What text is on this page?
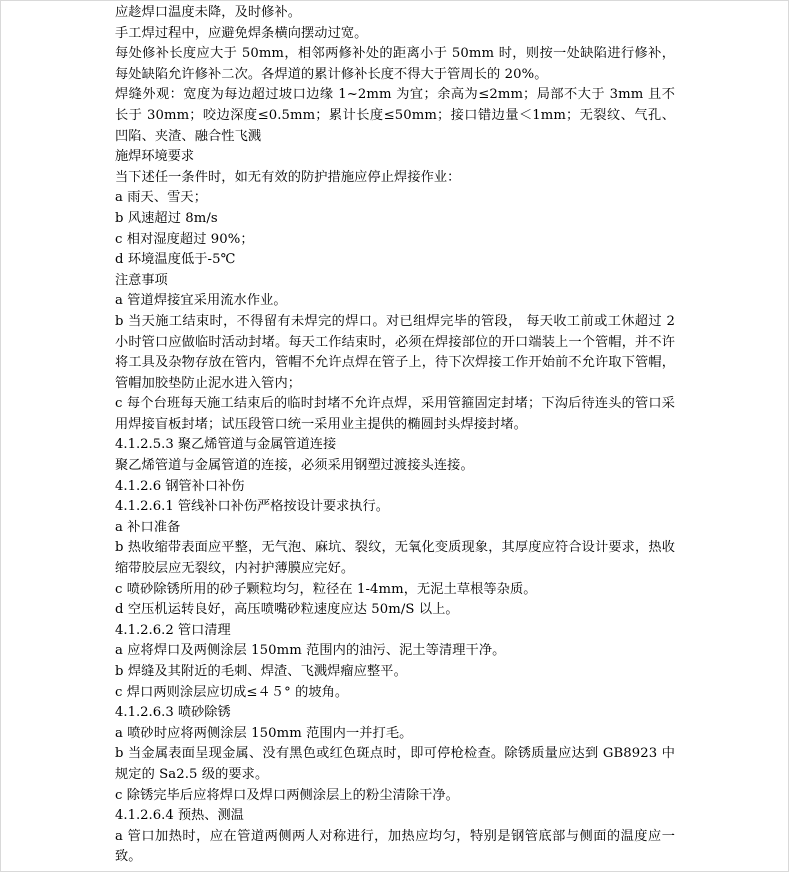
应趁焊口温度未降，及时修补。

手工焊过程中，应避免焊条横向摆动过宽。

每处修补长度应大于 50mm，相邻两修补处的距离小于 50mm 时，则按一处缺陷进行修补，每处缺陷允许修补二次。各焊道的累计修补长度不得大于管周长的 20%。

焊缝外观：宽度为每边超过坡口边缘 1~2mm 为宜；余高为≤2mm；局部不大于 3mm 且不长于 30mm；咬边深度≤0.5mm；累计长度≤50mm；接口错边量＜1mm；无裂纹、气孔、凹陷、夹渣、融合性飞溅

施焊环境要求

当下述任一条件时，如无有效的防护措施应停止焊接作业：

a 雨天、雪天；

b 风速超过 8m/s

c 相对湿度超过 90%；

d 环境温度低于-5℃

注意事项

a 管道焊接宜采用流水作业。

b 当天施工结束时，不得留有未焊完的焊口。对已组焊完毕的管段， 每天收工前或工休超过 2 小时管口应做临时活动封堵。每天工作结束时，必须在焊接部位的开口端装上一个管帽，并不许将工具及杂物存放在管内，管帽不允许点焊在管子上，待下次焊接工作开始前不允许取下管帽，管帽加胶垫防止泥水进入管内；

c 每个台班每天施工结束后的临时封堵不允许点焊，采用管箍固定封堵；下沟后待连头的管口采用焊接盲板封堵；试压段管口统一采用业主提供的椭圆封头焊接封堵。

4.1.2.5.3 聚乙烯管道与金属管道连接

聚乙烯管道与金属管道的连接，必须采用钢塑过渡接头连接。

4.1.2.6 钢管补口补伤

4.1.2.6.1 管线补口补伤严格按设计要求执行。

a 补口准备

b 热收缩带表面应平整，无气泡、麻坑、裂纹，无氧化变质现象，其厚度应符合设计要求，热收缩带胶层应无裂纹，内衬护薄膜应完好。

c 喷砂除锈所用的砂子颗粒均匀，粒径在 1-4mm，无泥土草根等杂质。

d 空压机运转良好，高压喷嘴砂粒速度应达 50m/S 以上。

4.1.2.6.2 管口清理

a 应将焊口及两侧涂层 150mm 范围内的油污、泥土等清理干净。

b 焊缝及其附近的毛刺、焊渣、飞溅焊瘤应整平。

c 焊口两则涂层应切成≤４５° 的坡角。

4.1.2.6.3 喷砂除锈

a 喷砂时应将两侧涂层 150mm 范围内一并打毛。

b 当金属表面呈现金属、没有黑色或红色斑点时，即可停枪检查。除锈质量应达到 GB8923 中规定的 Sa2.5 级的要求。

c 除锈完毕后应将焊口及焊口两侧涂层上的粉尘清除干净。

4.1.2.6.4 预热、测温

a 管口加热时，应在管道两侧两人对称进行，加热应均匀，特别是钢管底部与侧面的温度应一致。
